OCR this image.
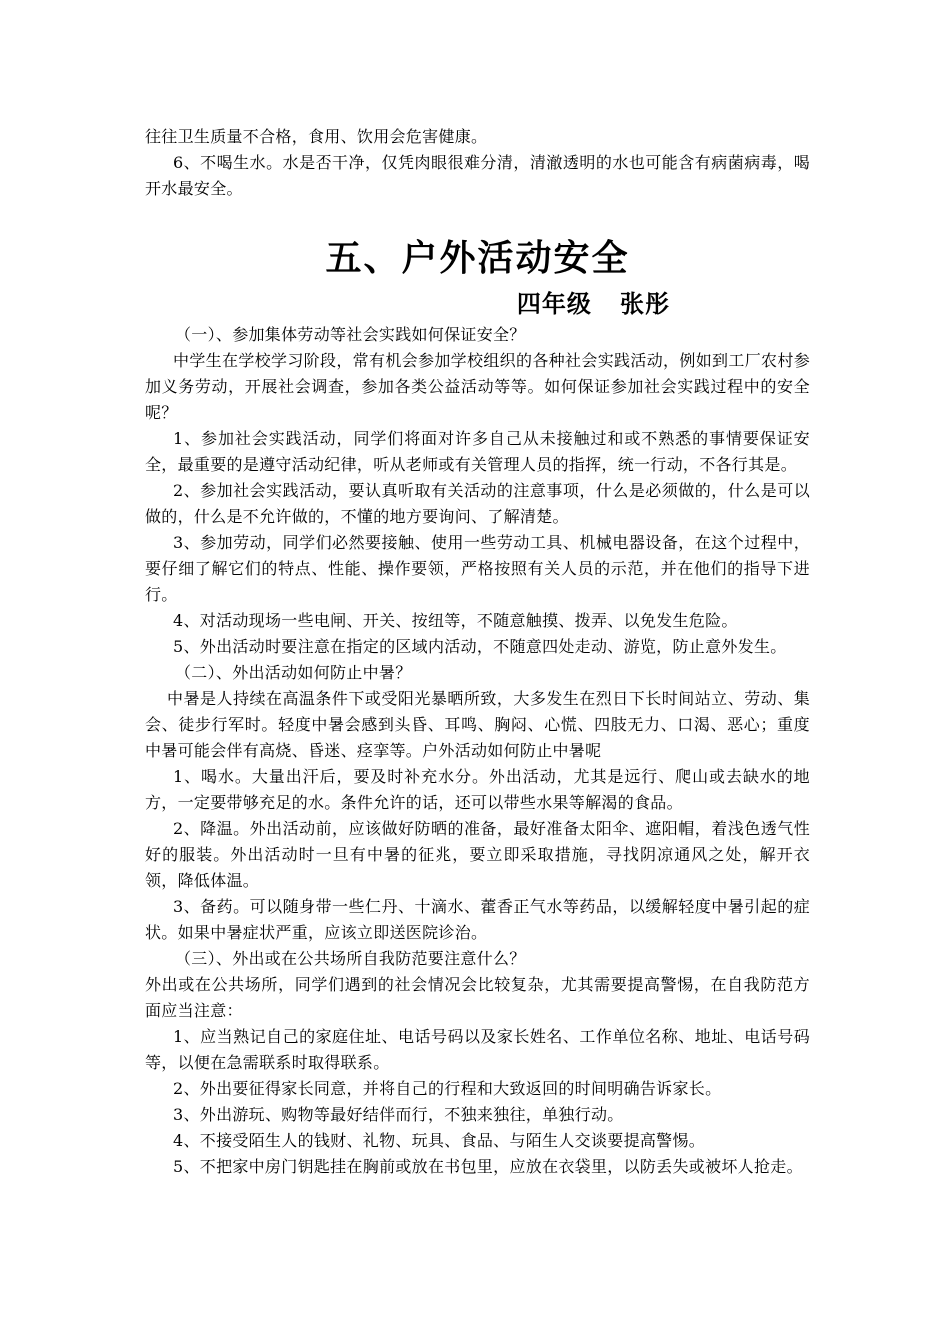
往往卫生质量不合格，食用、饮用会危害健康。

6、不喝生水。水是否干净，仅凭肉眼很难分清，清澈透明的水也可能含有病菌病毒，喝开水最安全。

五、户外活动安全
四年级   张彤

（一）、参加集体劳动等社会实践如何保证安全？

中学生在学校学习阶段，常有机会参加学校组织的各种社会实践活动，例如到工厂农村参加义务劳动，开展社会调查，参加各类公益活动等等。如何保证参加社会实践过程中的安全呢？

1、参加社会实践活动，同学们将面对许多自己从未接触过和或不熟悉的事情要保证安全，最重要的是遵守活动纪律，听从老师或有关管理人员的指挥，统一行动，不各行其是。

2、参加社会实践活动，要认真听取有关活动的注意事项，什么是必须做的，什么是可以做的，什么是不允许做的，不懂的地方要询问、了解清楚。

3、参加劳动，同学们必然要接触、使用一些劳动工具、机械电器设备，在这个过程中，要仔细了解它们的特点、性能、操作要领，严格按照有关人员的示范，并在他们的指导下进行。

4、对活动现场一些电闸、开关、按纽等，不随意触摸、拨弄、以免发生危险。

5、外出活动时要注意在指定的区域内活动，不随意四处走动、游览，防止意外发生。

（二）、外出活动如何防止中暑？

中暑是人持续在高温条件下或受阳光暴晒所致，大多发生在烈日下长时间站立、劳动、集会、徒步行军时。轻度中暑会感到头昏、耳鸣、胸闷、心慌、四肢无力、口渴、恶心；重度中暑可能会伴有高烧、昏迷、痉挛等。户外活动如何防止中暑呢

1、喝水。大量出汗后，要及时补充水分。外出活动，尤其是远行、爬山或去缺水的地方，一定要带够充足的水。条件允许的话，还可以带些水果等解渴的食品。

2、降温。外出活动前，应该做好防晒的准备，最好准备太阳伞、遮阳帽，着浅色透气性好的服装。外出活动时一旦有中暑的征兆，要立即采取措施，寻找阴凉通风之处，解开衣领，降低体温。

3、备药。可以随身带一些仁丹、十滴水、藿香正气水等药品，以缓解轻度中暑引起的症状。如果中暑症状严重，应该立即送医院诊治。

（三）、外出或在公共场所自我防范要注意什么？

外出或在公共场所，同学们遇到的社会情况会比较复杂，尤其需要提高警惕，在自我防范方面应当注意：

1、应当熟记自己的家庭住址、电话号码以及家长姓名、工作单位名称、地址、电话号码等，以便在急需联系时取得联系。

2、外出要征得家长同意，并将自己的行程和大致返回的时间明确告诉家长。

3、外出游玩、购物等最好结伴而行，不独来独往，单独行动。

4、不接受陌生人的钱财、礼物、玩具、食品、与陌生人交谈要提高警惕。

5、不把家中房门钥匙挂在胸前或放在书包里，应放在衣袋里，以防丢失或被坏人抢走。
